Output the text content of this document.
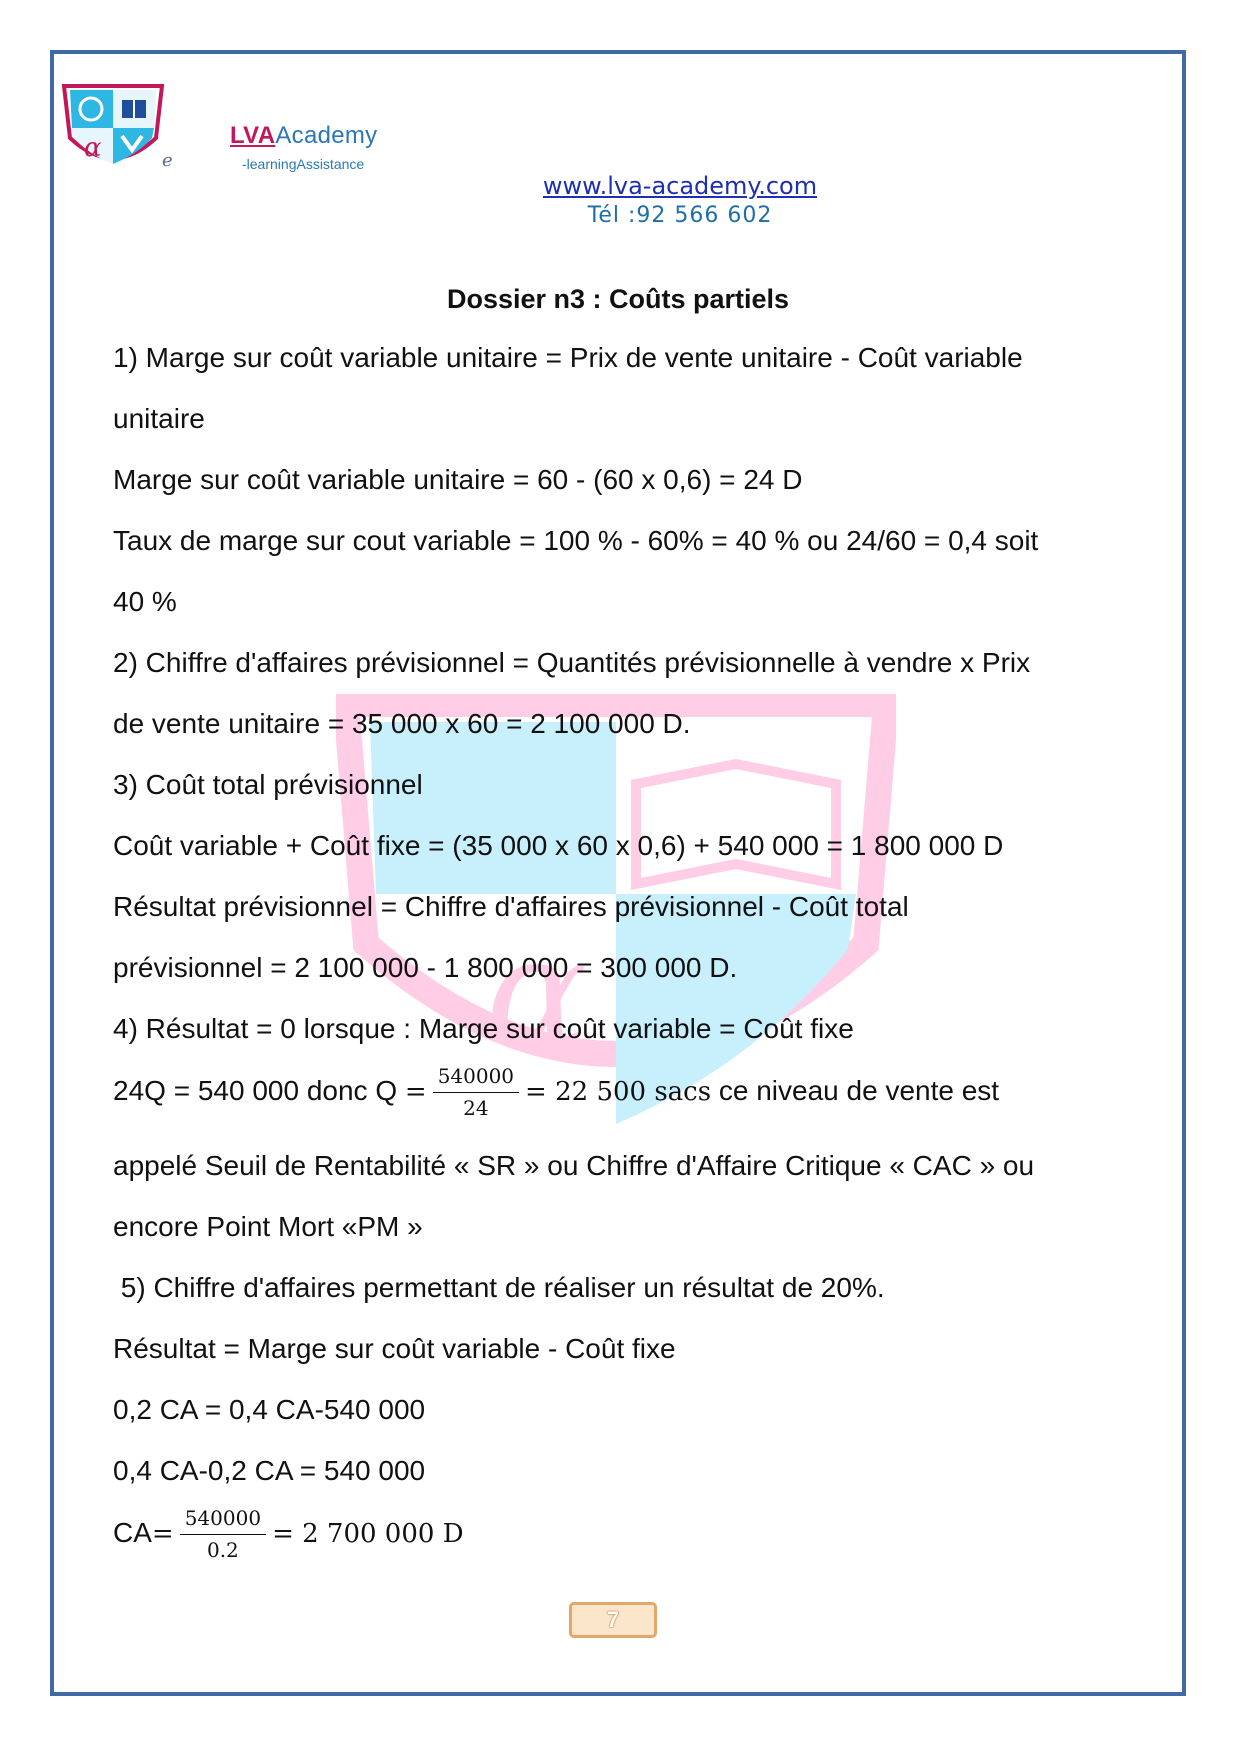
α	e
LVAAcademy
-learningAssistance
www.lva-academy.com
Tél :92 566 602
α
Dossier n3 : Coûts partiels
1) Marge sur coût variable unitaire = Prix de vente unitaire - Coût variable
unitaire
Marge sur coût variable unitaire = 60 - (60 x 0,6) = 24 D
Taux de marge sur cout variable = 100 % - 60% = 40 % ou 24/60 = 0,4 soit
40 %
2) Chiffre d'affaires prévisionnel = Quantités prévisionnelle à vendre x Prix
de vente unitaire = 35 000 x 60 = 2 100 000 D.
3) Coût total prévisionnel
Coût variable + Coût fixe = (35 000 x 60 x 0,6) + 540 000 = 1 800 000 D
Résultat prévisionnel = Chiffre d'affaires prévisionnel - Coût total
prévisionnel = 2 100 000 - 1 800 000 = 300 000 D.
4) Résultat = 0 lorsque : Marge sur coût variable = Coût fixe
24Q = 540 000 donc $Q = \frac{540000}{24} = 22$ 500 sacs ce niveau de vente est
appelé Seuil de Rentabilité « SR » ou Chiffre d'Affaire Critique « CAC » ou
encore Point Mort «PM »
5) Chiffre d'affaires permettant de réaliser un résultat de 20%.
Résultat = Marge sur coût variable - Coût fixe
0,2 CA = 0,4 CA-540 000
0,4 CA-0,2 CA = 540 000
$CA= \frac{540000}{0.2} = 2$ 700 000 D
7
